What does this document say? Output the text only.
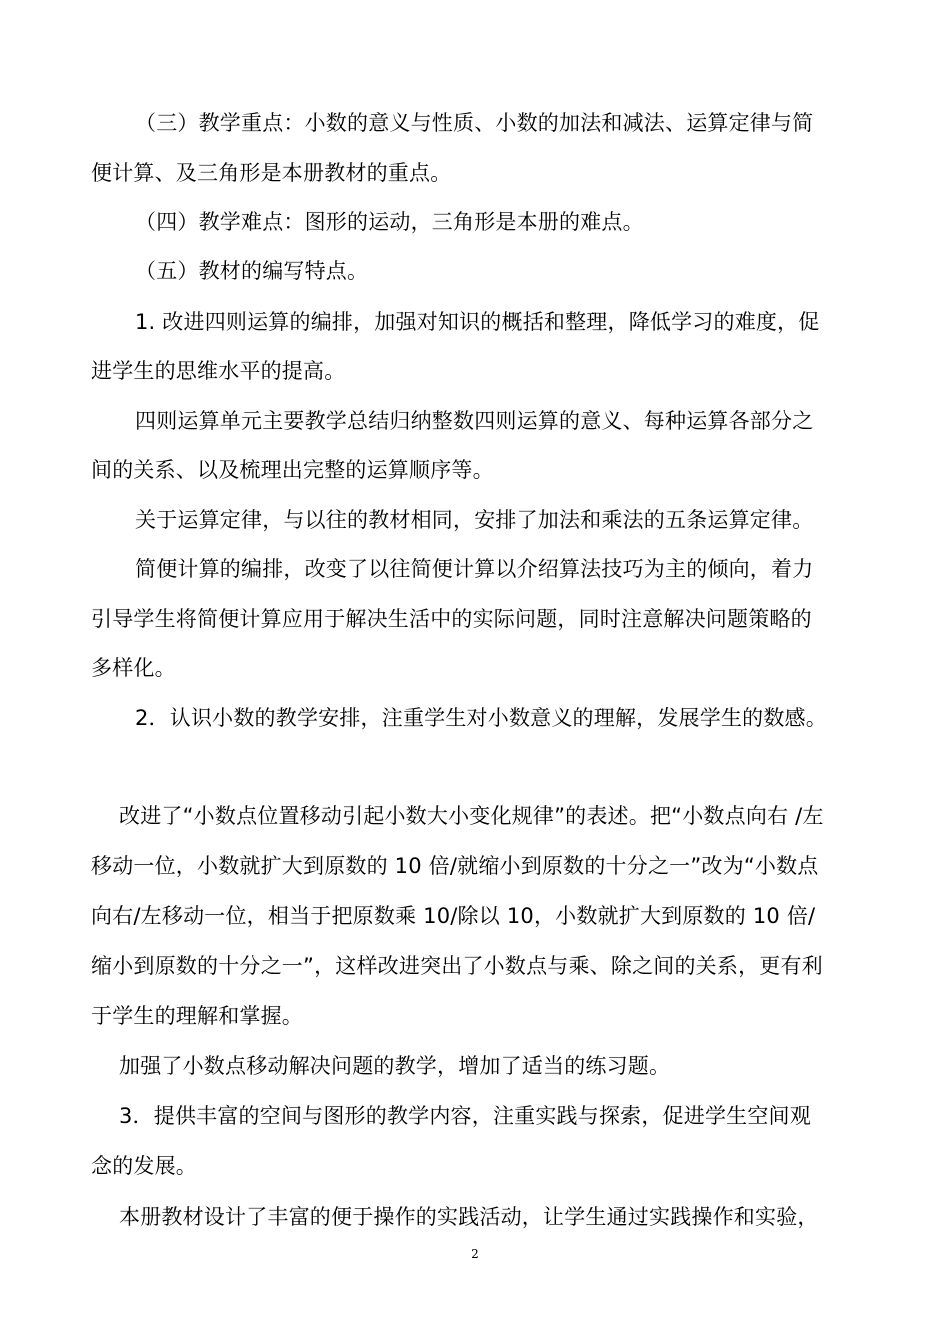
（三）教学重点：小数的意义与性质、小数的加法和减法、运算定律与简
便计算、及三角形是本册教材的重点。
（四）教学难点：图形的运动，三角形是本册的难点。
（五）教材的编写特点。
1. 改进四则运算的编排，加强对知识的概括和整理，降低学习的难度，促
进学生的思维水平的提高。
四则运算单元主要教学总结归纳整数四则运算的意义、每种运算各部分之
间的关系、以及梳理出完整的运算顺序等。
关于运算定律，与以往的教材相同，安排了加法和乘法的五条运算定律。
简便计算的编排，改变了以往简便计算以介绍算法技巧为主的倾向，着力
引导学生将简便计算应用于解决生活中的实际问题，同时注意解决问题策略的
多样化。
2．认识小数的教学安排，注重学生对小数意义的理解，发展学生的数感。
改进了“小数点位置移动引起小数大小变化规律”的表述。把“小数点向右 /左
移动一位，小数就扩大到原数的 10 倍/就缩小到原数的十分之一”改为“小数点
向右/左移动一位，相当于把原数乘 10/除以 10，小数就扩大到原数的 10 倍/
缩小到原数的十分之一”，这样改进突出了小数点与乘、除之间的关系，更有利
于学生的理解和掌握。
加强了小数点移动解决问题的教学，增加了适当的练习题。
3．提供丰富的空间与图形的教学内容，注重实践与探索，促进学生空间观
念的发展。
本册教材设计了丰富的便于操作的实践活动，让学生通过实践操作和实验，
2
